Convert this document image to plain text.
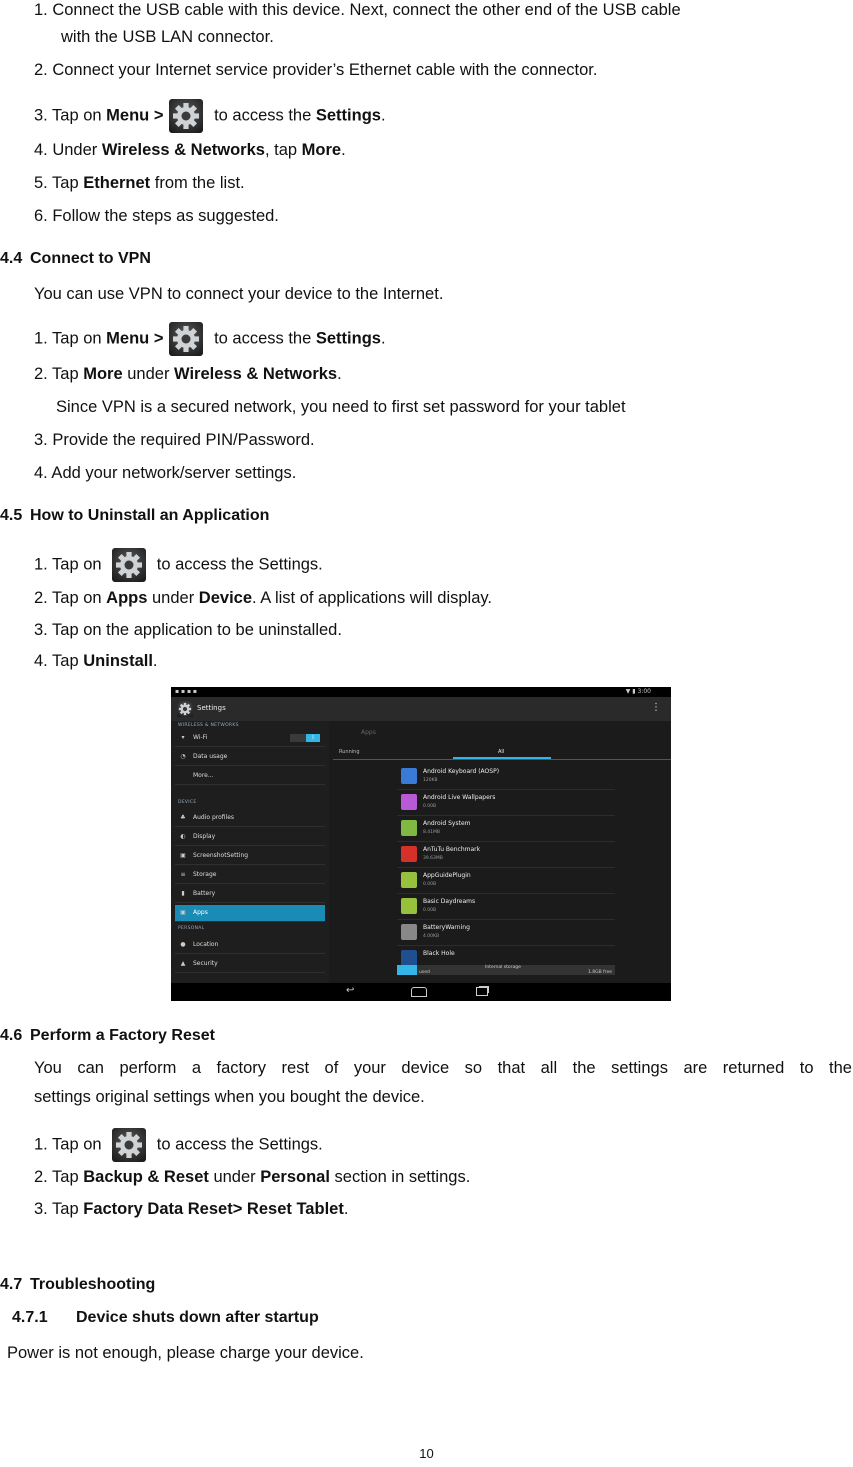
1. Connect the USB cable with this device. Next, connect the other end of the USB cable
with the USB LAN connector.
2. Connect your Internet service provider’s Ethernet cable with the connector.
3. Tap on Menu >	to access the Settings.
4. Under Wireless & Networks, tap More.
5. Tap Ethernet from the list.
6. Follow the steps as suggested.
4.4 Connect to VPN
You can use VPN to connect your device to the Internet.
1. Tap on Menu >	to access the Settings.
2. Tap More under Wireless & Networks.
Since VPN is a secured network, you need to first set password for your tablet
3. Provide the required PIN/Password.
4. Add your network/server settings.
4.5 How to Uninstall an Application
1. Tap on	to access the Settings.
2. Tap on Apps under Device. A list of applications will display.
3. Tap on the application to be uninstalled.
4. Tap Uninstall.
▪ ▪ ▪ ▪	▼ ▮ 3:00
Settings	⋮
WIRELESS & NETWORKS
▾ Wi-Fi	I
◔ Data usage
More...
DEVICE
♣ Audio profiles
◐ Display
▣ ScreenshotSetting
≡ Storage
▮ Battery
▣ Apps
PERSONAL
● Location
▲ Security
Apps
Running	All
Android Keyboard (AOSP)
120KB
Android Live Wallpapers
0.00B
Android System
8.41MB
AnTuTu Benchmark
39.63MB
AppGuidePlugin
0.00B
Basic Daydreams
0.00B
BatteryWarning
4.00KB
Black Hole
Internal storage
used	1.8GB free
↩
4.6 Perform a Factory Reset
You can perform a factory rest of your device so that all the settings are returned to the
settings original settings when you bought the device.
1. Tap on	to access the Settings.
2. Tap Backup & Reset under Personal section in settings.
3. Tap Factory Data Reset> Reset Tablet.
4.7 Troubleshooting
4.7.1 Device shuts down after startup
Power is not enough, please charge your device.
10
